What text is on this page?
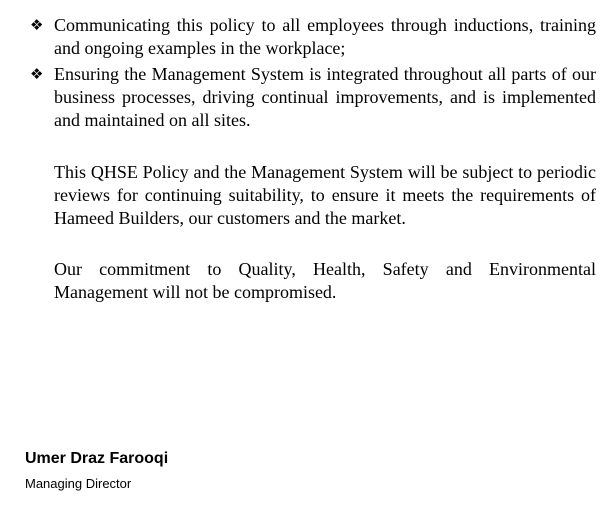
❖ Communicating this policy to all employees through inductions, training and ongoing examples in the workplace;
❖ Ensuring the Management System is integrated throughout all parts of our business processes, driving continual improvements, and is implemented and maintained on all sites.
This QHSE Policy and the Management System will be subject to periodic reviews for continuing suitability, to ensure it meets the requirements of Hameed Builders, our customers and the market.
Our commitment to Quality, Health, Safety and Environmental Management will not be compromised.
Umer Draz Farooqi
Managing Director
